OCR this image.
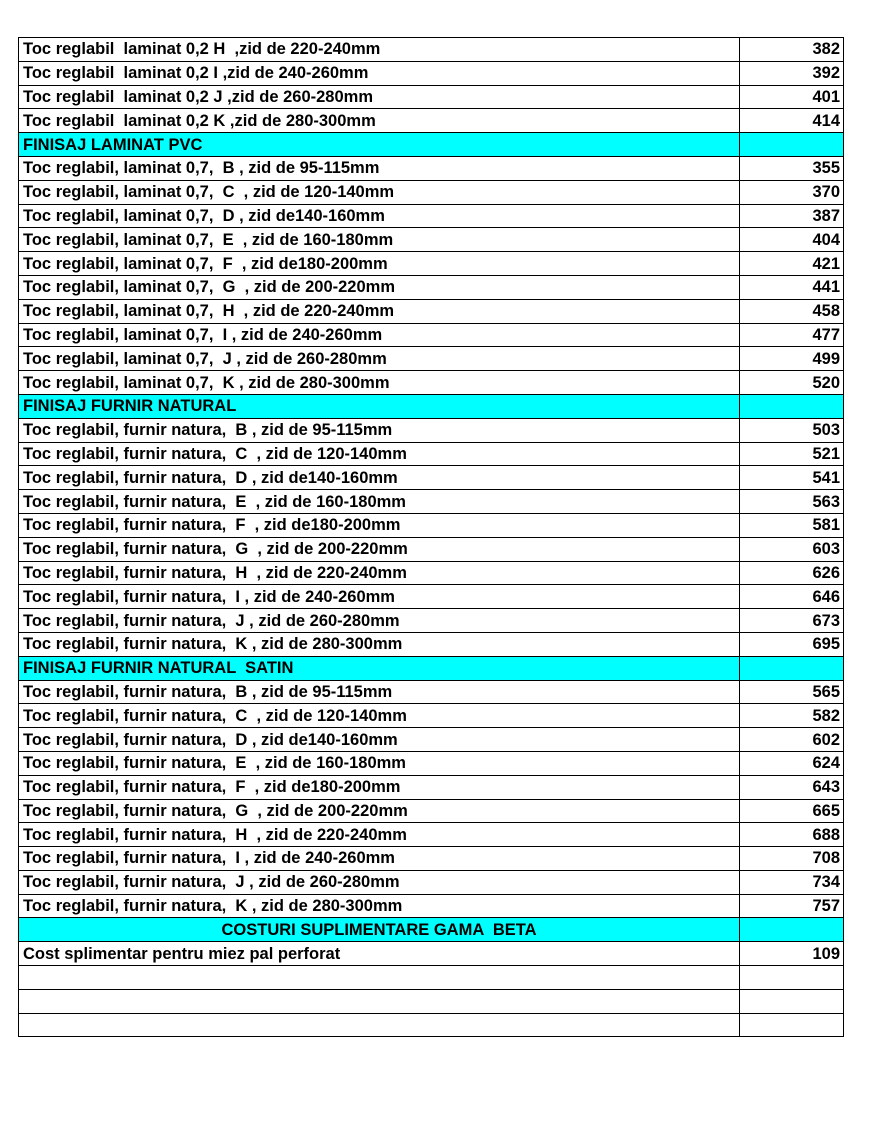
Toc reglabil  laminat 0,2 H  ,zid de 220-240mm	382
Toc reglabil  laminat 0,2 I ,zid de 240-260mm	392
Toc reglabil  laminat 0,2 J ,zid de 260-280mm	401
Toc reglabil  laminat 0,2 K ,zid de 280-300mm	414
FINISAJ LAMINAT PVC	
Toc reglabil, laminat 0,7,  B , zid de 95-115mm	355
Toc reglabil, laminat 0,7,  C  , zid de 120-140mm	370
Toc reglabil, laminat 0,7,  D , zid de140-160mm	387
Toc reglabil, laminat 0,7,  E  , zid de 160-180mm	404
Toc reglabil, laminat 0,7,  F  , zid de180-200mm	421
Toc reglabil, laminat 0,7,  G  , zid de 200-220mm	441
Toc reglabil, laminat 0,7,  H  , zid de 220-240mm	458
Toc reglabil, laminat 0,7,  I , zid de 240-260mm	477
Toc reglabil, laminat 0,7,  J , zid de 260-280mm	499
Toc reglabil, laminat 0,7,  K , zid de 280-300mm	520
FINISAJ FURNIR NATURAL	
Toc reglabil, furnir natura,  B , zid de 95-115mm	503
Toc reglabil, furnir natura,  C  , zid de 120-140mm	521
Toc reglabil, furnir natura,  D , zid de140-160mm	541
Toc reglabil, furnir natura,  E  , zid de 160-180mm	563
Toc reglabil, furnir natura,  F  , zid de180-200mm	581
Toc reglabil, furnir natura,  G  , zid de 200-220mm	603
Toc reglabil, furnir natura,  H  , zid de 220-240mm	626
Toc reglabil, furnir natura,  I , zid de 240-260mm	646
Toc reglabil, furnir natura,  J , zid de 260-280mm	673
Toc reglabil, furnir natura,  K , zid de 280-300mm	695
FINISAJ FURNIR NATURAL  SATIN	
Toc reglabil, furnir natura,  B , zid de 95-115mm	565
Toc reglabil, furnir natura,  C  , zid de 120-140mm	582
Toc reglabil, furnir natura,  D , zid de140-160mm	602
Toc reglabil, furnir natura,  E  , zid de 160-180mm	624
Toc reglabil, furnir natura,  F  , zid de180-200mm	643
Toc reglabil, furnir natura,  G  , zid de 200-220mm	665
Toc reglabil, furnir natura,  H  , zid de 220-240mm	688
Toc reglabil, furnir natura,  I , zid de 240-260mm	708
Toc reglabil, furnir natura,  J , zid de 260-280mm	734
Toc reglabil, furnir natura,  K , zid de 280-300mm	757
COSTURI SUPLIMENTARE GAMA  BETA	
Cost splimentar pentru miez pal perforat	109
